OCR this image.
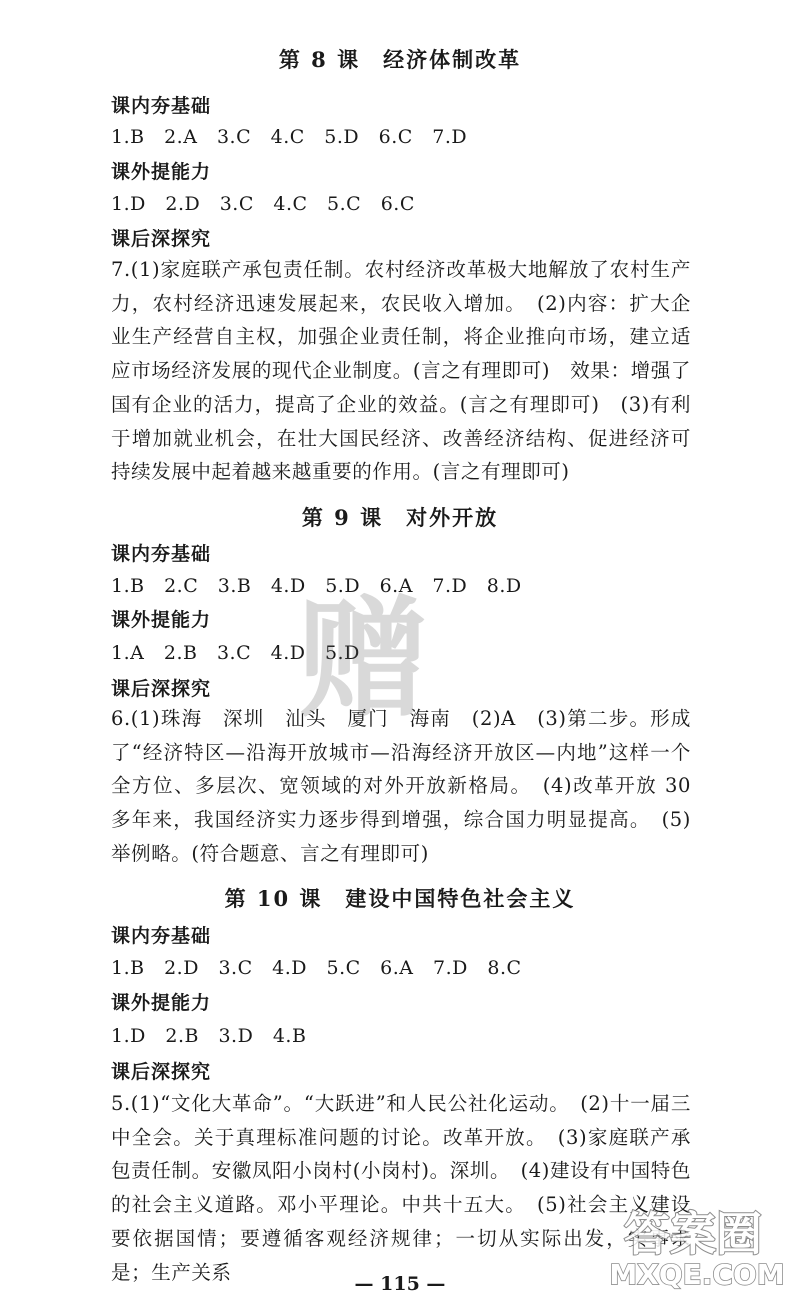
第 8 课　经济体制改革
课内夯基础
1.B　2.A　3.C　4.C　5.D　6.C　7.D
课外提能力
1.D　2.D　3.C　4.C　5.C　6.C
课后深探究
7.(1)家庭联产承包责任制。农村经济改革极大地解放了农村生产力，农村经济迅速发展起来，农民收入增加。　(2)内容：扩大企业生产经营自主权，加强企业责任制，将企业推向市场，建立适应市场经济发展的现代企业制度。(言之有理即可)　效果：增强了国有企业的活力，提高了企业的效益。(言之有理即可)　(3)有利于增加就业机会，在壮大国民经济、改善经济结构、促进经济可持续发展中起着越来越重要的作用。(言之有理即可)
第 9 课　对外开放
课内夯基础
1.B　2.C　3.B　4.D　5.D　6.A　7.D　8.D
课外提能力
1.A　2.B　3.C　4.D　5.D
课后深探究
6.(1)珠海　深圳　汕头　厦门　海南　(2)A　(3)第二步。形成了“经济特区—沿海开放城市—沿海经济开放区—内地”这样一个全方位、多层次、宽领域的对外开放新格局。　(4)改革开放 30 多年来，我国经济实力逐步得到增强，综合国力明显提高。　(5)举例略。(符合题意、言之有理即可)
赠
第 10 课　建设中国特色社会主义
课内夯基础
1.B　2.D　3.C　4.D　5.C　6.A　7.D　8.C
课外提能力
1.D　2.B　3.D　4.B
课后深探究
5.(1)“文化大革命”。“大跃进”和人民公社化运动。　(2)十一届三中全会。关于真理标准问题的讨论。改革开放。　(3)家庭联产承包责任制。安徽凤阳小岗村(小岗村)。深圳。　(4)建设有中国特色的社会主义道路。邓小平理论。中共十五大。　(5)社会主义建设要依据国情；要遵循客观经济规律；一切从实际出发，实事求是；生产关系
答案圈
MXQE.COM
— 115 —
